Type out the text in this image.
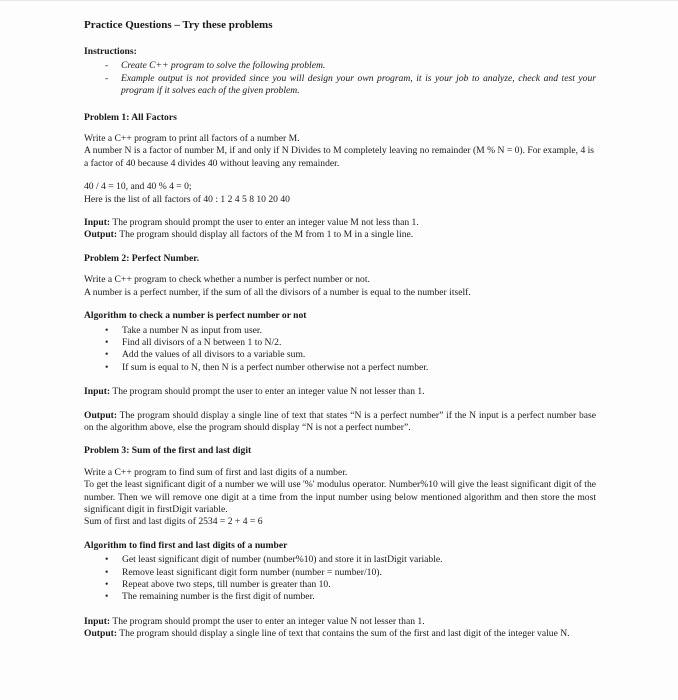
Practice Questions – Try these problems

Instructions:

- Create C++ program to solve the following problem.
- Example output is not provided since you will design your own program, it is your job to analyze, check and test your program if it solves each of the given problem.

Problem 1: All Factors

Write a C++ program to print all factors of a number M.

A number N is a factor of number M, if and only if N Divides to M completely leaving no remainder (M % N = 0). For example, 4 is a factor of 40 because 4 divides 40 without leaving any remainder.

40 / 4 = 10, and 40 % 4 = 0;

Here is the list of all factors of 40 : 1 2 4 5 8 10 20 40

Input: The program should prompt the user to enter an integer value M not less than 1.

Output: The program should display all factors of the M from 1 to M in a single line.

Problem 2: Perfect Number.

Write a C++ program to check whether a number is perfect number or not.

A number is a perfect number, if the sum of all the divisors of a number is equal to the number itself.

Algorithm to check a number is perfect number or not

• Take a number N as input from user.
• Find all divisors of a N between 1 to N/2.
• Add the values of all divisors to a variable sum.
• If sum is equal to N, then N is a perfect number otherwise not a perfect number.

Input: The program should prompt the user to enter an integer value N not lesser than 1.

Output: The program should display a single line of text that states “N is a perfect number” if the N input is a perfect number base on the algorithm above, else the program should display “N is not a perfect number”.

Problem 3: Sum of the first and last digit

Write a C++ program to find sum of first and last digits of a number.

To get the least significant digit of a number we will use '%' modulus operator. Number%10 will give the least significant digit of the number. Then we will remove one digit at a time from the input number using below mentioned algorithm and then store the most significant digit in firstDigit variable.

Sum of first and last digits of 2534 = 2 + 4 = 6

Algorithm to find first and last digits of a number

• Get least significant digit of number (number%10) and store it in lastDigit variable.
• Remove least significant digit form number (number = number/10).
• Repeat above two steps, till number is greater than 10.
• The remaining number is the first digit of number.

Input: The program should prompt the user to enter an integer value N not lesser than 1.

Output: The program should display a single line of text that contains the sum of the first and last digit of the integer value N.
